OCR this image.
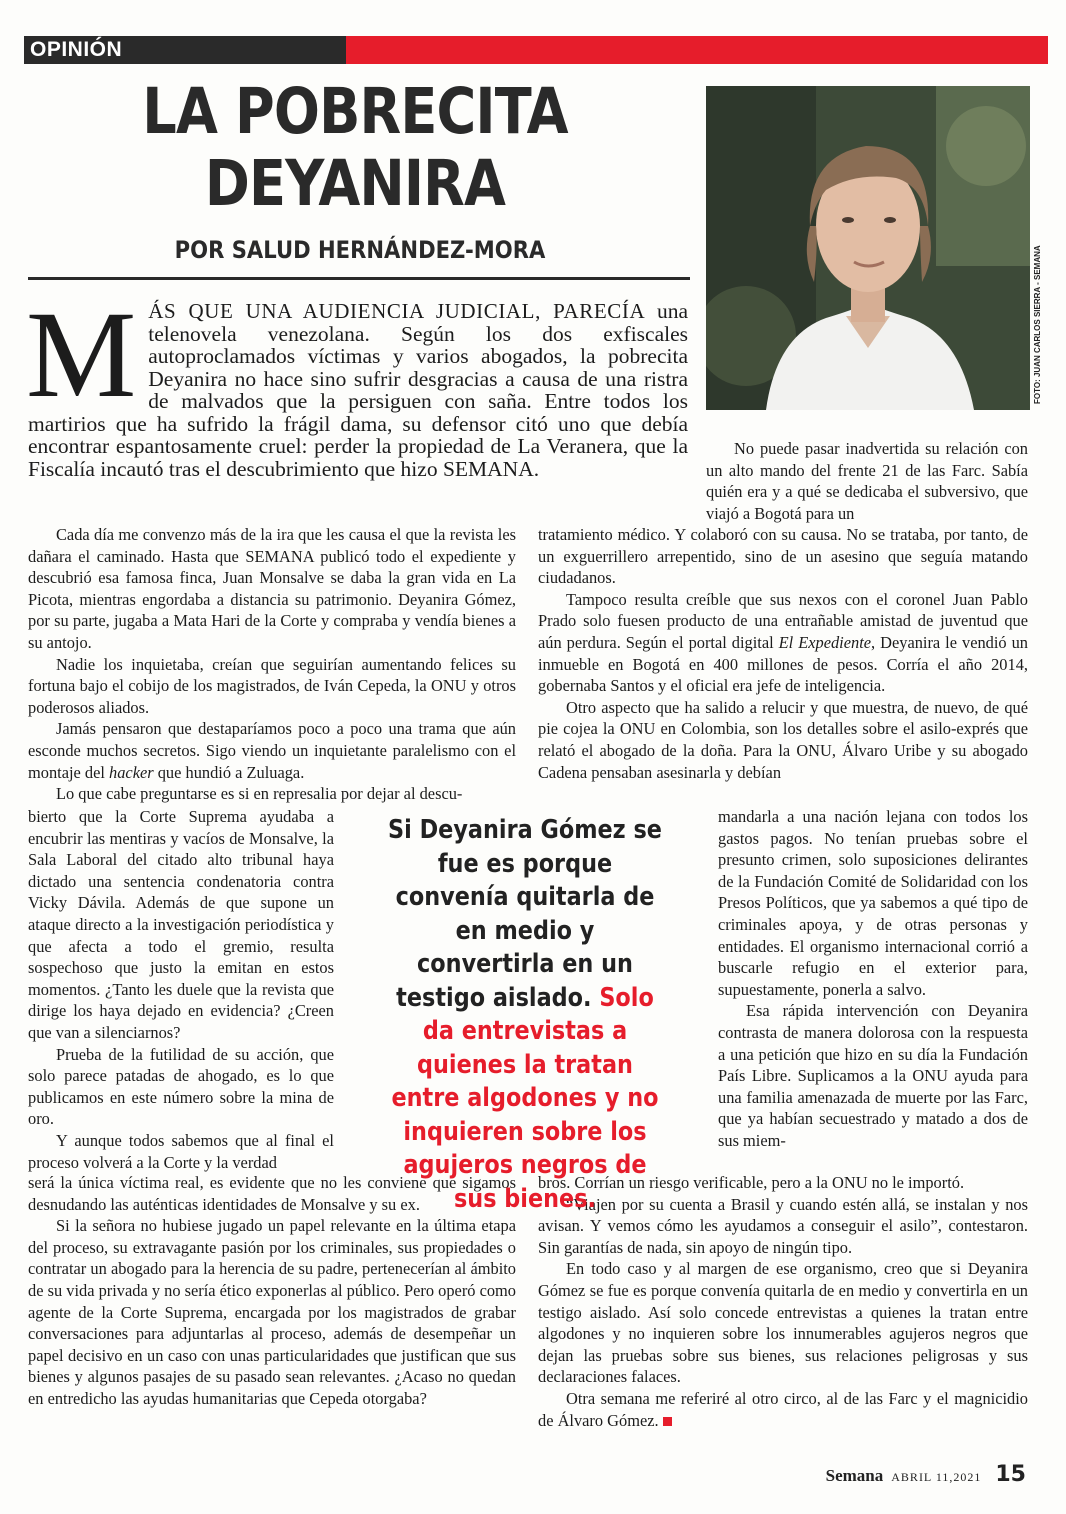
OPINIÓN
LA POBRECITA
DEYANIRA
POR SALUD HERNÁNDEZ-MORA	FOTO: JUAN CARLOS SIERRA - SEMANA
M ÁS QUE UNA AUDIENCIA JUDICIAL, PARECÍA una telenovela venezolana. Según los dos exfiscales autoproclamados víctimas y varios abogados, la pobrecita Deyanira no hace sino sufrir desgracias a causa de una ristra de malvados que la persiguen con saña. Entre todos los martirios que ha sufrido la frágil dama, su defensor citó uno que debía encontrar espantosamente cruel: perder la propiedad de La Veranera, que la Fiscalía incautó tras el descubrimiento que hizo SEMANA.

No puede pasar inadvertida su relación con un alto mando del frente 21 de las Farc. Sabía quién era y a qué se dedicaba el subversivo, que viajó a Bogotá para un

Cada día me convenzo más de la ira que les causa el que la revista les dañara el caminado. Hasta que SEMANA publicó todo el expediente y descubrió esa famosa finca, Juan Monsalve se daba la gran vida en La Picota, mientras engordaba a distancia su patrimonio. Deyanira Gómez, por su parte, jugaba a Mata Hari de la Corte y compraba y vendía bienes a su antojo.

Nadie los inquietaba, creían que seguirían aumentando felices su fortuna bajo el cobijo de los magistrados, de Iván Cepeda, la ONU y otros poderosos aliados.

Jamás pensaron que destaparíamos poco a poco una trama que aún esconde muchos secretos. Sigo viendo un inquietante paralelismo con el montaje del hacker que hundió a Zuluaga.

Lo que cabe preguntarse es si en represalia por dejar al descu-

bierto que la Corte Suprema ayudaba a encubrir las mentiras y vacíos de Monsalve, la Sala Laboral del citado alto tribunal haya dictado una sentencia condenatoria contra Vicky Dávila. Además de que supone un ataque directo a la investigación periodística y que afecta a todo el gremio, resulta sospechoso que justo la emitan en estos momentos. ¿Tanto les duele que la revista que dirige los haya dejado en evidencia? ¿Creen que van a silenciarnos?

Prueba de la futilidad de su acción, que solo parece patadas de ahogado, es lo que publicamos en este número sobre la mina de oro.

Y aunque todos sabemos que al final el proceso volverá a la Corte y la verdad

será la única víctima real, es evidente que no les conviene que sigamos desnudando las auténticas identidades de Monsalve y su ex.

Si la señora no hubiese jugado un papel relevante en la última etapa del proceso, su extravagante pasión por los criminales, sus propiedades o contratar un abogado para la herencia de su padre, pertenecerían al ámbito de su vida privada y no sería ético exponerlas al público. Pero operó como agente de la Corte Suprema, encargada por los magistrados de grabar conversaciones para adjuntarlas al proceso, además de desempeñar un papel decisivo en un caso con unas particularidades que justifican que sus bienes y algunos pasajes de su pasado sean relevantes. ¿Acaso no quedan en entredicho las ayudas humanitarias que Cepeda otorgaba?

tratamiento médico. Y colaboró con su causa. No se trataba, por tanto, de un exguerrillero arrepentido, sino de un asesino que seguía matando ciudadanos.

Tampoco resulta creíble que sus nexos con el coronel Juan Pablo Prado solo fuesen producto de una entrañable amistad de juventud que aún perdura. Según el portal digital El Expediente, Deyanira le vendió un inmueble en Bogotá en 400 millones de pesos. Corría el año 2014, gobernaba Santos y el oficial era jefe de inteligencia.

Otro aspecto que ha salido a relucir y que muestra, de nuevo, de qué pie cojea la ONU en Colombia, son los detalles sobre el asilo-exprés que relató el abogado de la doña. Para la ONU, Álvaro Uribe y su abogado Cadena pensaban asesinarla y debían

mandarla a una nación lejana con todos los gastos pagos. No tenían pruebas sobre el presunto crimen, solo suposiciones delirantes de la Fundación Comité de Solidaridad con los Presos Políticos, que ya sabemos a qué tipo de criminales apoya, y de otras personas y entidades. El organismo internacional corrió a buscarle refugio en el exterior para, supuestamente, ponerla a salvo.

Esa rápida intervención con Deyanira contrasta de manera dolorosa con la respuesta a una petición que hizo en su día la Fundación País Libre. Suplicamos a la ONU ayuda para una familia amenazada de muerte por las Farc, que ya habían secuestrado y matado a dos de sus miem-

bros. Corrían un riesgo verificable, pero a la ONU no le importó.

“Viajen por su cuenta a Brasil y cuando estén allá, se instalan y nos avisan. Y vemos cómo les ayudamos a conseguir el asilo”, contestaron. Sin garantías de nada, sin apoyo de ningún tipo.

En todo caso y al margen de ese organismo, creo que si Deyanira Gómez se fue es porque convenía quitarla de en medio y convertirla en un testigo aislado. Así solo concede entrevistas a quienes la tratan entre algodones y no inquieren sobre los innumerables agujeros negros que dejan las pruebas sobre sus bienes, sus relaciones peligrosas y sus declaraciones falaces.

Otra semana me referiré al otro circo, al de las Farc y el magnicidio de Álvaro Gómez.

Si Deyanira Gómez se fue es porque convenía quitarla de en medio y convertirla en un testigo aislado. Solo da entrevistas a quienes la tratan entre algodones y no inquieren sobre los agujeros negros de sus bienes.
Semana ABRIL 11,2021 15
